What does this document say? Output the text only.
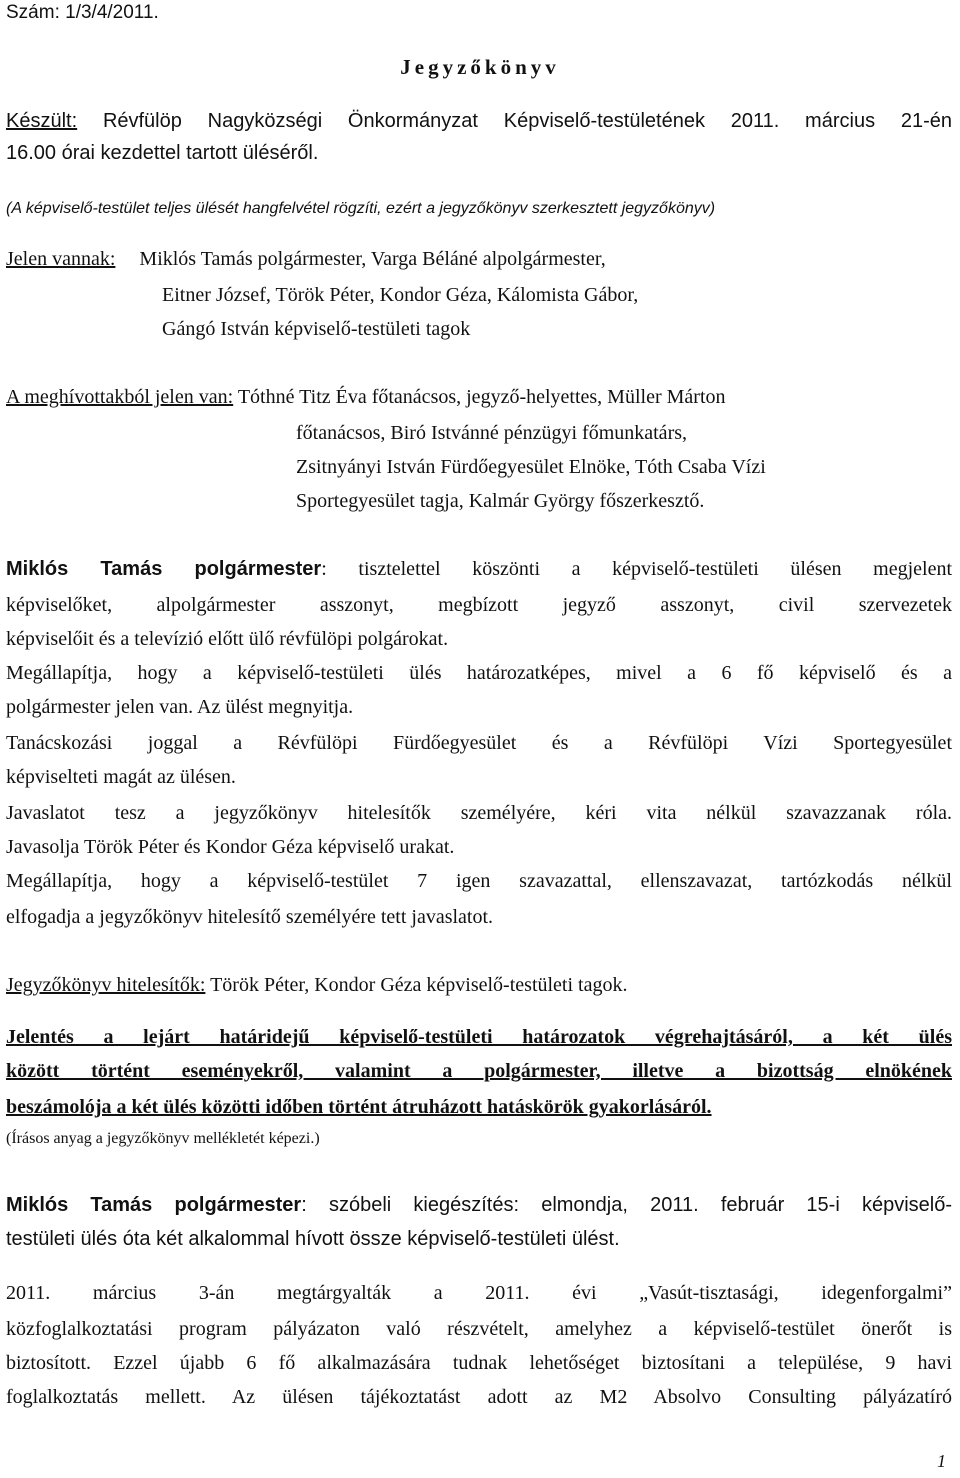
Szám: 1/3/4/2011.
Jegyzőkönyv
Készült: Révfülöp Nagyközségi Önkormányzat Képviselő-testületének 2011. március 21-én
16.00 órai kezdettel tartott üléséről.
(A képviselő-testület teljes ülését hangfelvétel rögzíti, ezért a jegyzőkönyv szerkesztett jegyzőkönyv)
Jelen vannak: Miklós Tamás polgármester, Varga Béláné alpolgármester,
Eitner József, Török Péter, Kondor Géza, Kálomista Gábor,
Gángó István képviselő-testületi tagok
A meghívottakból jelen van: Tóthné Titz Éva főtanácsos, jegyző-helyettes, Müller Márton
főtanácsos, Biró Istvánné pénzügyi főmunkatárs,
Zsitnyányi István Fürdőegyesület Elnöke, Tóth Csaba Vízi
Sportegyesület tagja, Kalmár György főszerkesztő.
Miklós Tamás polgármester: tisztelettel köszönti a képviselő-testületi ülésen megjelent
képviselőket, alpolgármester asszonyt, megbízott jegyző asszonyt, civil szervezetek
képviselőit és a televízió előtt ülő révfülöpi polgárokat.
Megállapítja, hogy a képviselő-testületi ülés határozatképes, mivel a 6 fő képviselő és a
polgármester jelen van. Az ülést megnyitja.
Tanácskozási joggal a Révfülöpi Fürdőegyesület és a Révfülöpi Vízi Sportegyesület
képviselteti magát az ülésen.
Javaslatot tesz a jegyzőkönyv hitelesítők személyére, kéri vita nélkül szavazzanak róla.
Javasolja Török Péter és Kondor Géza képviselő urakat.
Megállapítja, hogy a képviselő-testület 7 igen szavazattal, ellenszavazat, tartózkodás nélkül
elfogadja a jegyzőkönyv hitelesítő személyére tett javaslatot.
Jegyzőkönyv hitelesítők: Török Péter, Kondor Géza képviselő-testületi tagok.
Jelentés a lejárt határidejű képviselő-testületi határozatok végrehajtásáról, a két ülés
között történt eseményekről, valamint a polgármester, illetve a bizottság elnökének
beszámolója a két ülés közötti időben történt átruházott hatáskörök gyakorlásáról.
(Írásos anyag a jegyzőkönyv mellékletét képezi.)
Miklós Tamás polgármester: szóbeli kiegészítés: elmondja, 2011. február 15-i képviselő-
testületi ülés óta két alkalommal hívott össze képviselő-testületi ülést.
2011. március 3-án megtárgyalták a 2011. évi „Vasút-tisztasági, idegenforgalmi”
közfoglalkoztatási program pályázaton való részvételt, amelyhez a képviselő-testület önerőt is
biztosított. Ezzel újabb 6 fő alkalmazására tudnak lehetőséget biztosítani a települése, 9 havi
foglalkoztatás mellett. Az ülésen tájékoztatást adott az M2 Absolvo Consulting pályázatíró
1
